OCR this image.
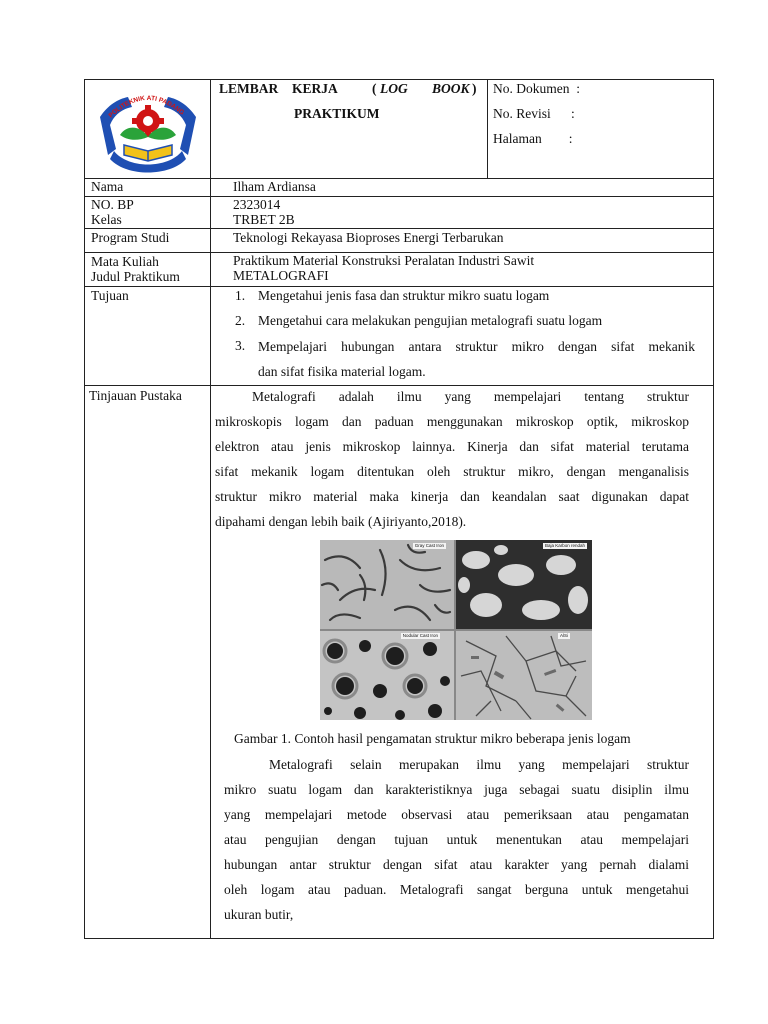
POLITEKNIK ATI PADANG
LEMBAR KERJA	( LOG BOOK )
PRAKTIKUM
No. Dokumen  :
No. Revisi      :
Halaman        :
Nama	Ilham Ardiansa
NO. BP	2323014
Kelas	TRBET 2B
Program Studi	Teknologi Rekayasa Bioproses Energi Terbarukan
Mata Kuliah	Praktikum Material Konstruksi Peralatan Industri Sawit
Judul Praktikum	METALOGRAFI
Tujuan	1. Mengetahui jenis fasa dan struktur mikro suatu logam
2. Mengetahui cara melakukan pengujian metalografi suatu logam
3. Mempelajari hubungan antara struktur mikro dengan sifat mekanik
dan sifat fisika material logam.
Tinjauan Pustaka	Metalografi adalah ilmu yang mempelajari tentang struktur
mikroskopis logam dan paduan menggunakan mikroskop optik, mikroskop
elektron atau jenis mikroskop lainnya. Kinerja dan sifat material terutama
sifat mekanik logam ditentukan oleh struktur mikro, dengan menganalisis
struktur mikro material maka kinerja dan keandalan saat digunakan dapat
dipahami dengan lebih baik (Ajiriyanto,2018).
Gray Cast Iron	Baja Karbon rendah
Nodular Cast Iron	AlSi
Gambar 1. Contoh hasil pengamatan struktur mikro beberapa jenis logam
Metalografi selain merupakan ilmu yang mempelajari struktur
mikro suatu logam dan karakteristiknya juga sebagai suatu disiplin ilmu
yang mempelajari metode observasi atau pemeriksaan atau pengamatan
atau pengujian dengan tujuan untuk menentukan atau mempelajari
hubungan antar struktur dengan sifat atau karakter yang pernah dialami
oleh logam atau paduan. Metalografi sangat berguna untuk mengetahui
ukuran butir,
